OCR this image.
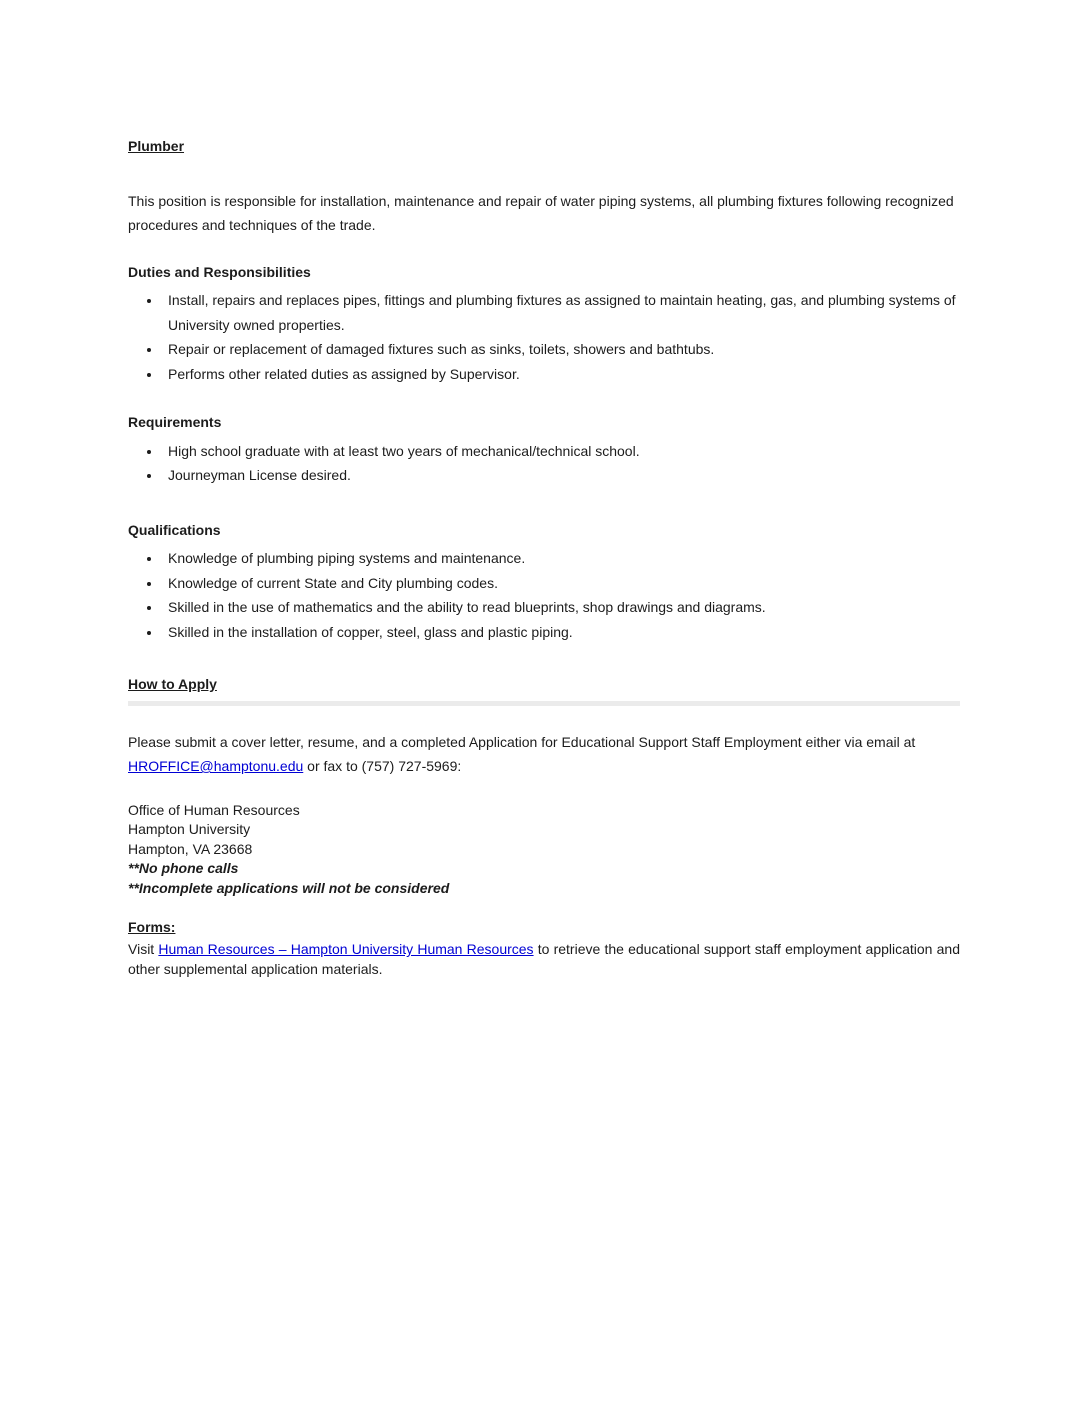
Plumber

This position is responsible for installation, maintenance and repair of water piping systems, all plumbing fixtures following recognized procedures and techniques of the trade.

Duties and Responsibilities
• Install, repairs and replaces pipes, fittings and plumbing fixtures as assigned to maintain heating, gas, and plumbing systems of University owned properties.
• Repair or replacement of damaged fixtures such as sinks, toilets, showers and bathtubs.
• Performs other related duties as assigned by Supervisor.
Requirements
• High school graduate with at least two years of mechanical/technical school.
• Journeyman License desired.
Qualifications
• Knowledge of plumbing piping systems and maintenance.
• Knowledge of current State and City plumbing codes.
• Skilled in the use of mathematics and the ability to read blueprints, shop drawings and diagrams.
• Skilled in the installation of copper, steel, glass and plastic piping.
How to Apply

Please submit a cover letter, resume, and a completed Application for Educational Support Staff Employment either via email at HROFFICE@hamptonu.edu or fax to (757) 727-5969:

Office of Human Resources
Hampton University
Hampton, VA 23668
**No phone calls
**Incomplete applications will not be considered
Forms:

Visit Human Resources – Hampton University Human Resources to retrieve the educational support staff employment application and other supplemental application materials.
